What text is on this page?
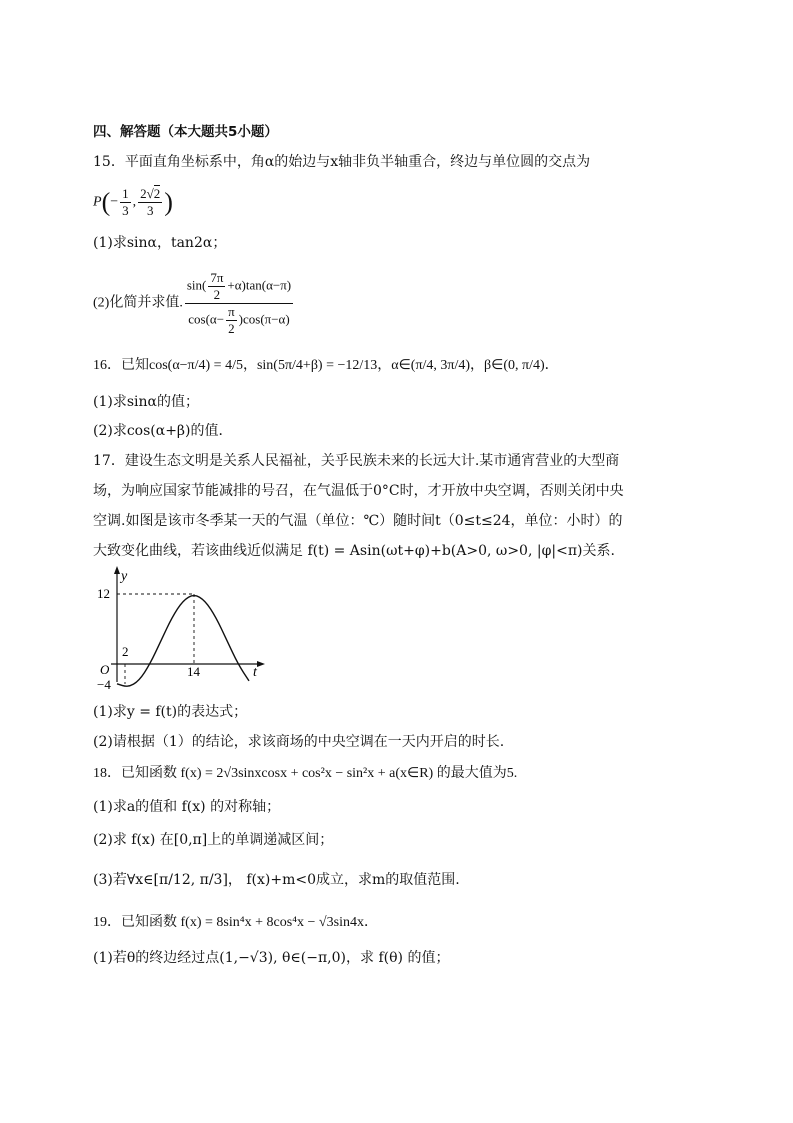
四、解答题（本大题共5小题）
15．平面直角坐标系中，角α的始边与x轴非负半轴重合，终边与单位圆的交点为
$P(- \frac{1}{3}$ , $\frac{2√2}{3}$ )
(1)求sinα，tan2α；
(2)化简并求值. $\frac{\sin( \frac{7\pi}{2} +\alpha)\tan(\alpha-\pi)}{\cos(\alpha- \frac{\pi}{2} )\cos(\pi-\alpha)}$
16．已知cos(α−π/4) = 4/5，sin(5π/4+β) = −12/13，α∈(π/4, 3π/4)，β∈(0, π/4)．
(1)求sinα的值；
(2)求cos(α+β)的值．
17．建设生态文明是关系人民福祉，关乎民族未来的长远大计.某市通宵营业的大型商
场，为响应国家节能减排的号召，在气温低于0°C时，才开放中央空调，否则关闭中央
空调.如图是该市冬季某一天的气温（单位：℃）随时间t（0≤t≤24，单位：小时）的
大致变化曲线，若该曲线近似满足 f(t) = Asin(ωt+φ)+b(A>0, ω>0, |φ|<π)关系.
y
t
12
−4
O
2
14
(1)求y = f(t)的表达式；
(2)请根据（1）的结论，求该商场的中央空调在一天内开启的时长.
18．已知函数 f(x) = 2√3sinxcosx + cos²x − sin²x + a(x∈R) 的最大值为5.
(1)求a的值和 f(x) 的对称轴；
(2)求 f(x) 在[0,π]上的单调递减区间；
(3)若∀x∈[π/12, π/3]， f(x)+m<0成立，求m的取值范围.
19．已知函数 f(x) = 8sin⁴x + 8cos⁴x − √3sin4x．
(1)若θ的终边经过点(1,−√3), θ∈(−π,0)，求 f(θ) 的值；
